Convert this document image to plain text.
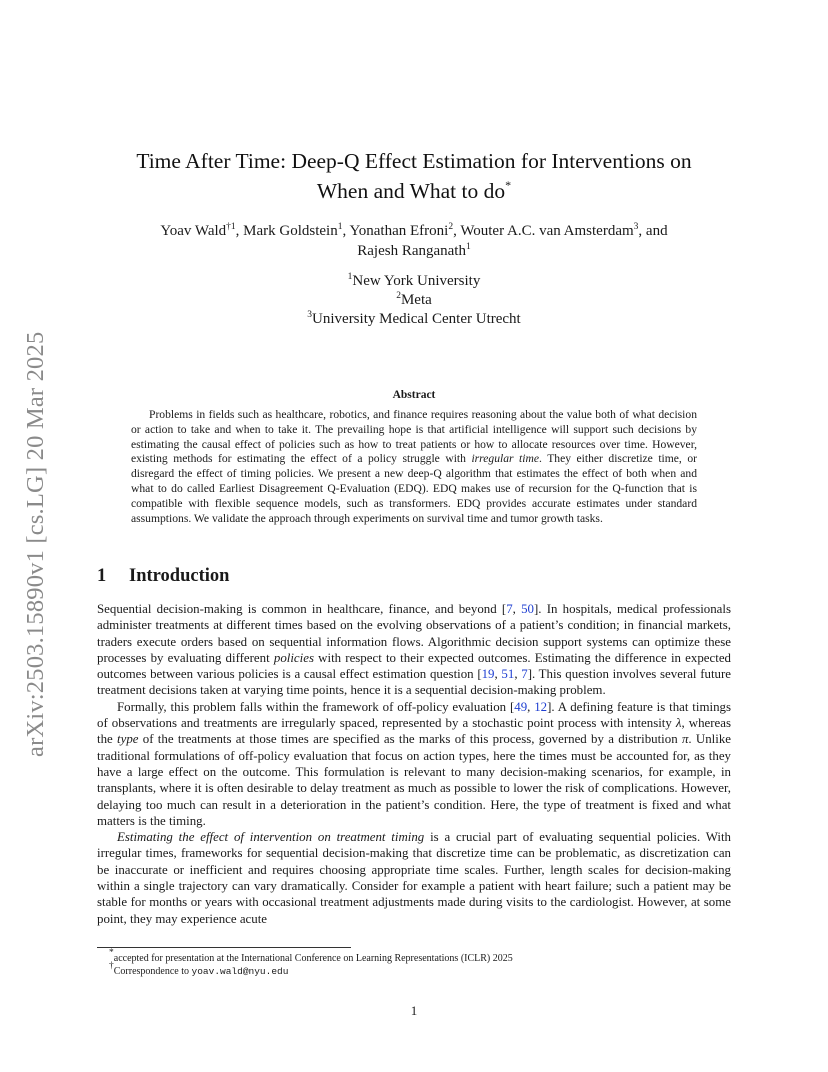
arXiv:2503.15890v1 [cs.LG] 20 Mar 2025
Time After Time: Deep-Q Effect Estimation for Interventions on
When and What to do*
Yoav Wald$^{\dagger 1}$, Mark Goldstein$^1$, Yonathan Efroni$^2$, Wouter A.C. van Amsterdam$^3$, and
Rajesh Ranganath$^1$
$^1$New York University
$^2$Meta
$^3$University Medical Center Utrecht
Abstract
Problems in fields such as healthcare, robotics, and finance requires reasoning about the value both of what decision or action to take and when to take it. The prevailing hope is that artificial intelligence will support such decisions by estimating the causal effect of policies such as how to treat patients or how to allocate resources over time. However, existing methods for estimating the effect of a policy struggle with irregular time. They either discretize time, or disregard the effect of timing policies. We present a new deep-Q algorithm that estimates the effect of both when and what to do called Earliest Disagreement Q-Evaluation (EDQ). EDQ makes use of recursion for the Q-function that is compatible with flexible sequence models, such as transformers. EDQ provides accurate estimates under standard assumptions. We validate the approach through experiments on survival time and tumor growth tasks.
1 Introduction

Sequential decision-making is common in healthcare, finance, and beyond [7, 50]. In hospitals, medical professionals administer treatments at different times based on the evolving observations of a patient’s condition; in financial markets, traders execute orders based on sequential information flows. Algorithmic decision support systems can optimize these processes by evaluating different policies with respect to their expected outcomes. Estimating the difference in expected outcomes between various policies is a causal effect estimation question [19, 51, 7]. This question involves several future treatment decisions taken at varying time points, hence it is a sequential decision-making problem.

Formally, this problem falls within the framework of off-policy evaluation [49, 12]. A defining feature is that timings of observations and treatments are irregularly spaced, represented by a stochastic point process with intensity λ, whereas the type of the treatments at those times are specified as the marks of this process, governed by a distribution π. Unlike traditional formulations of off-policy evaluation that focus on action types, here the times must be accounted for, as they have a large effect on the outcome. This formulation is relevant to many decision-making scenarios, for example, in transplants, where it is often desirable to delay treatment as much as possible to lower the risk of complications. However, delaying too much can result in a deterioration in the patient’s condition. Here, the type of treatment is fixed and what matters is the timing.

Estimating the effect of intervention on treatment timing is a crucial part of evaluating sequential policies. With irregular times, frameworks for sequential decision-making that discretize time can be problematic, as discretization can be inaccurate or inefficient and requires choosing appropriate time scales. Further, length scales for decision-making within a single trajectory can vary dramatically. Consider for example a patient with heart failure; such a patient may be stable for months or years with occasional treatment adjustments made during visits to the cardiologist. However, at some point, they may experience acute

*accepted for presentation at the International Conference on Learning Representations (ICLR) 2025
†Correspondence to yoav.wald@nyu.edu
1
